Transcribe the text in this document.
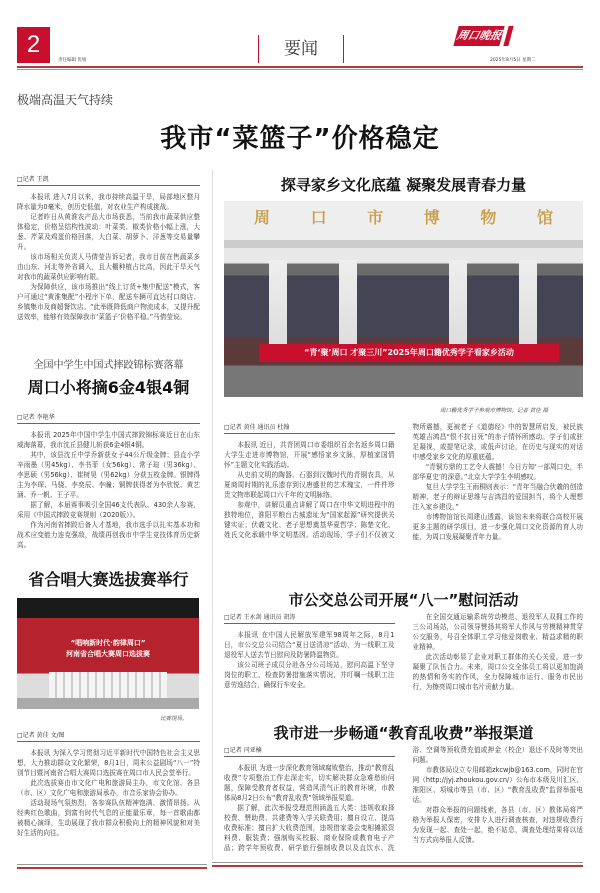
2
责任编辑 优娟
要闻
周口晚报
2025年8月5日 星期二
极端高温天气持续
我市“菜篮子”价格稳定
□记者 王凯

本报讯 进入7月以来，我市持续高温干旱，局部地区整月降水量为0毫米，创历史低值，对农业生产构成挑战。

记者昨日从黄淮农产品大市场获悉，当前我市蔬菜供应整体稳定，价格呈结构性波动：叶菜类、椒类价格小幅上涨，大葱、芹菜及鸡蛋价格回落，大白菜、胡萝卜、洋葱等交易量攀升。

该市场相关负责人马倩莹告诉记者，我市目前在售蔬菜多由山东、河北等外省调入，且大棚种植占比高，因此干旱天气对我市的蔬菜供应影响有限。

为保障供应，该市场推出“线上订货+集中配送”模式，客户可通过“黄淮集配”小程序下单，配送车辆可直达村口商店、乡镇集市及商超餐饮店。“此举既降低商户物流成本，又提升配送效率，能够有效保障我市‘菜篮子’价格平稳。”马倩莹说。

全国中学生中国式摔跤锦标赛落幕
周口小将摘6金4银4铜
□记者 李艳华

本报讯 2025年中国中学生中国式摔跤锦标赛近日在山东威海落幕，我市沈丘县健儿斩获6金4银4铜。

其中，该县沈丘中学乔新获女子44公斤级金牌；县直小学辛雨墨（男45kg）、李书菲（女56kg）、常子瑄（男36kg）、李思硕（男56kg）、崔树昊（男62kg）分获五枚金牌。银牌得主为李琛、马骁、李奕辰、李瞳；铜牌获得者为李欣悦、黄艺涵、乔一帆、王子平。

据了解，本届赛事吸引全国46支代表队、430余人参赛，采用《中国式摔跤竞赛规则（2020版）》。

作为河南省摔跤后备人才基地，我市选手以扎实基本功和战术应变能力连克强敌，战绩再创我市中学生竞技体育历史新高。

省合唱大赛选拔赛举行
“唱响新时代·韵律周口”
河南省合唱大赛周口选拔赛
比赛现场。
□记者 黄佳 文/图

本报讯 为深入学习贯彻习近平新时代中国特色社会主义思想，大力推动群众文化繁荣，8月1日，周末公益剧场“八一”特别节目暨河南省合唱大赛周口选拔赛在周口市人民会堂举行。

此次选拔赛由市文化广电和旅游局主办，市文化馆、各县（市、区）文化广电和旅游局承办，市音乐家协会协办。

活动现场气氛热烈，各参赛队伍精神饱满、激情昂扬。从经典红色歌曲，到富有时代气息的正能量乐章，每一首歌曲都被精心演绎，生动展现了我市群众积极向上的精神风貌和对美好生活的向往。

探寻家乡文化底蕴 凝聚发展青春力量
周	口	市	博	物	馆
“青‘聚’周口 才聚三川”2025年周口籍优秀学子看家乡活动
周口籍优秀学子参观市博物馆。记者 黄佳 摄
□记者 黄佳 通讯员 杜翰

本报讯 近日，共青团周口市委组织百余名返乡周口籍大学生走进市博物馆，开展“感悟家乡文脉，厚植家国情怀”主题文化实践活动。

从史前文明的陶器、石器到汉魏时代的青铜农具，从夏商周时期的礼乐遗存到汉唐盛世的艺术瑰宝，一件件珍贵文物串联起周口六千年的文明脉络。

参观中，讲解员重点讲解了周口在中华文明进程中的独特地位，淮阳平粮台古城遗址为“国家起源”研究提供关键实证；伏羲文化、老子思想奠基华夏哲学；陈楚文化、姓氏文化承载中华文明基因。活动现场，学子们不仅被文物所震撼，更被老子《道德经》中的智慧所启发，被民族英雄吉鸿昌“恨不抗日死”的赤子情怀所感动。学子们或驻足凝视，或提笔记录，或低声讨论，在历史与现实的对话中感受家乡文化的厚重底蕴。

“青铜方鼎的工艺令人震撼！今日方知‘一部周口史，半部华夏史’的深意。”北京大学学生李明感叹。

复旦大学学生王雨桐则表示：“青年当融合伏羲的创造精神、老子的辩证思维与吉鸿昌的爱国担当，将个人理想注入家乡建设。”

市博物馆馆长周建山透露，该馆未来将联合高校开展更多主题的研学项目，进一步强化周口文化资源的育人功能，为周口发展凝聚青年力量。

市公交总公司开展“八一”慰问活动
□记者 王永剑 通讯员 胡涛

本报讯 在中国人民解放军建军98周年之际，8月1日，市公交总公司结合“夏日送清凉”活动，为一线职工及退役军人送去节日慰问及防暑降温物资。

该公司班子成员分赴各分公司场站，慰问高温下坚守岗位的职工，检查防暑措施落实情况，并叮嘱一线职工注意劳逸结合，确保行车安全。

在全国交通运输系统劳动模范、退役军人双拥工作的三公司场站，公司领导赞扬其将军人作风与劳模精神贯穿公交服务，号召全体职工学习他爱岗敬业、精益求精的职业精神。

此次活动彰显了企业对职工群体的关心关爱，进一步凝聚了队伍合力。未来，周口公交全体员工将以更加饱满的热情和务实的作风，全力保障城市运行、服务市民出行，为擦亮周口城市名片贡献力量。

我市进一步畅通“教育乱收费”举报渠道
□记者 闫亚楠

本报讯 为进一步深化教育领域腐败整治，推动“教育乱收费”专项整治工作走深走实，切实解决群众急难愁盼问题，保障受教育者权益，营造风清气正的教育环境，市教体局8月2日公布“教育乱收费”领域举报渠道。

据了解，此次举报受理范围涵盖五大类：违规收取择校费、赞助费、共建费等入学关联费用；擅自设立、提高收费标准；擅自扩大收费范围，违规借家委会变相摊派资料费、服装费；强制购买校服、商业保险或教育电子产品；跨学年预收费、研学旅行强制收费以及直饮水、洗浴、空调等预收费充值或押金（校企）退还不及时等突出问题。

市教体局设立专用邮箱zkcwjb@163.com，同时在官网（http://jyj.zhoukou.gov.cn/）公布市本级及川汇区、淮阳区、项城市等县（市、区）“教育乱收费”监督举报电话。

对群众举报的问题线索，各县（市、区）教体局将严格为举报人保密，安排专人进行调查核查，对违规收费行为发现一起、查处一起，绝不姑息，调查处理结果将以适当方式向举报人反馈。
